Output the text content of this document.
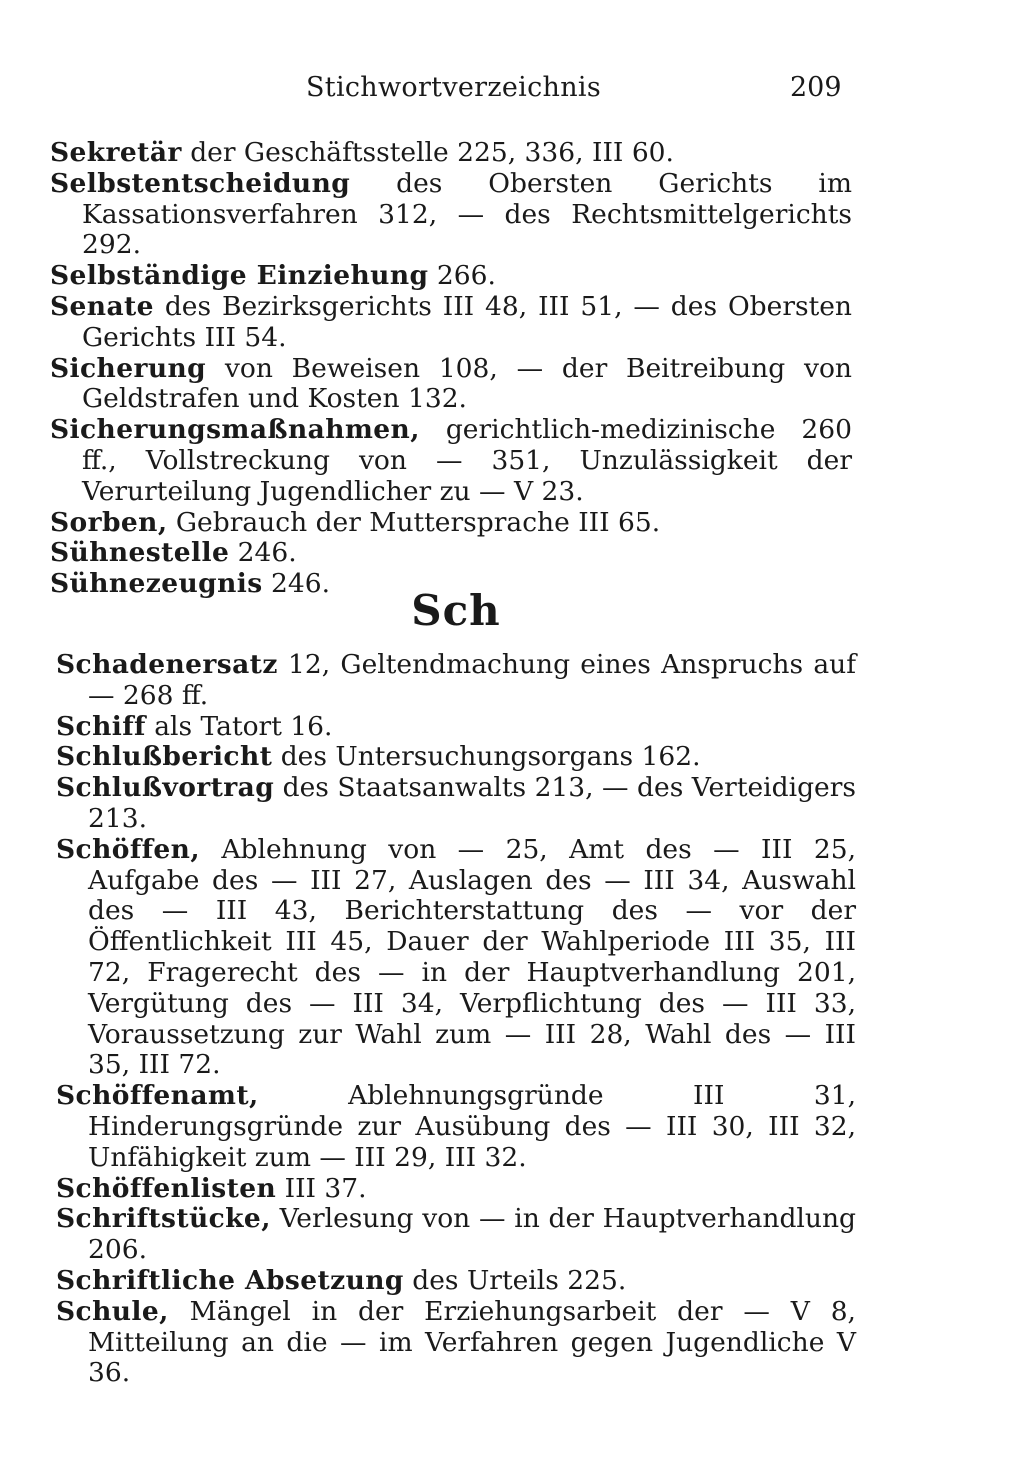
Stichwortverzeichnis	209

Sekretär der Geschäftsstelle 225, 336, III 60.

Selbstentscheidung des Obersten Gerichts im Kassationsverfahren 312, — des Rechtsmittelgerichts 292.

Selbständige Einziehung 266.

Senate des Bezirksgerichts III 48, III 51, — des Obersten Gerichts III 54.

Sicherung von Beweisen 108, — der Beitreibung von Geldstrafen und Kosten 132.

Sicherungsmaßnahmen, gerichtlich-medizinische 260 ff., Vollstreckung von — 351, Unzulässigkeit der Verurteilung Jugendlicher zu — V 23.

Sorben, Gebrauch der Muttersprache III 65.

Sühnestelle 246.

Sühnezeugnis 246.

Sch

Schadenersatz 12, Geltendmachung eines Anspruchs auf — 268 ff.

Schiff als Tatort 16.

Schlußbericht des Untersuchungsorgans 162.

Schlußvortrag des Staatsanwalts 213, — des Verteidigers 213.

Schöffen, Ablehnung von — 25, Amt des — III 25, Aufgabe des — III 27, Auslagen des — III 34, Auswahl des — III 43, Berichterstattung des — vor der Öffentlichkeit III 45, Dauer der Wahlperiode III 35, III 72, Fragerecht des — in der Hauptverhandlung 201, Vergütung des — III 34, Verpflichtung des — III 33, Voraussetzung zur Wahl zum — III 28, Wahl des — III 35, III 72.

Schöffenamt, Ablehnungsgründe III 31, Hinderungsgründe zur Ausübung des — III 30, III 32, Unfähigkeit zum — III 29, III 32.

Schöffenlisten III 37.

Schriftstücke, Verlesung von — in der Hauptverhandlung 206.

Schriftliche Absetzung des Urteils 225.

Schule, Mängel in der Erziehungsarbeit der — V 8, Mitteilung an die — im Verfahren gegen Jugendliche V 36.
